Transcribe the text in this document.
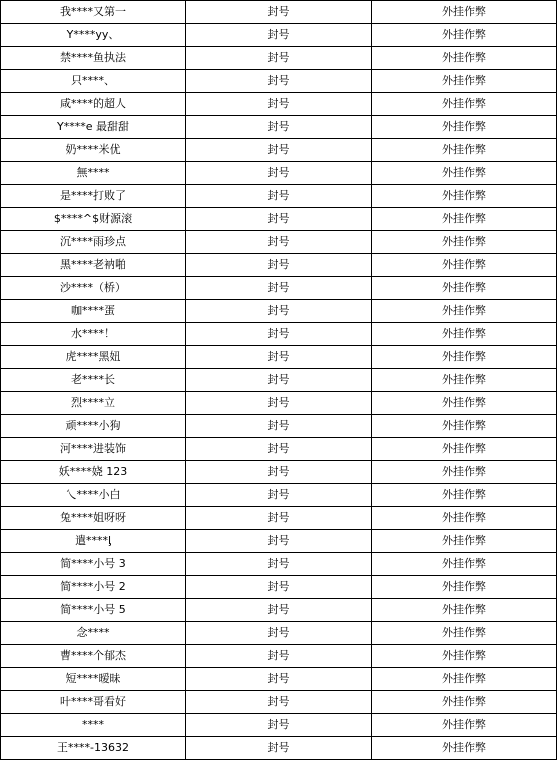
我****又第一	封号	外挂作弊
Y****yy、	封号	外挂作弊
禁****鱼执法	封号	外挂作弊
只****、	封号	外挂作弊
咸****的超人	封号	外挂作弊
Y****e 最甜甜	封号	外挂作弊
奶****米优	封号	外挂作弊
無****	封号	外挂作弊
是****打败了	封号	外挂作弊
$****^$财源滚	封号	外挂作弊
沉****雨珍点	封号	外挂作弊
黑****老衲啪	封号	外挂作弊
沙****（桥）	封号	外挂作弊
咖****蛋	封号	外挂作弊
水****！	封号	外挂作弊
虎****黑妞	封号	外挂作弊
老****长	封号	外挂作弊
烈****立	封号	外挂作弊
顽****小狗	封号	外挂作弊
河****进装饰	封号	外挂作弊
妖****娆 123	封号	外挂作弊
乀****小白	封号	外挂作弊
兔****姐呀呀	封号	外挂作弊
遣****ᶅ	封号	外挂作弊
简****小号 3	封号	外挂作弊
简****小号 2	封号	外挂作弊
简****小号 5	封号	外挂作弊
念****	封号	外挂作弊
曹****个郁杰	封号	外挂作弊
短****暧昧	封号	外挂作弊
叶****哥看好	封号	外挂作弊
****	封号	外挂作弊
王****-13632	封号	外挂作弊
